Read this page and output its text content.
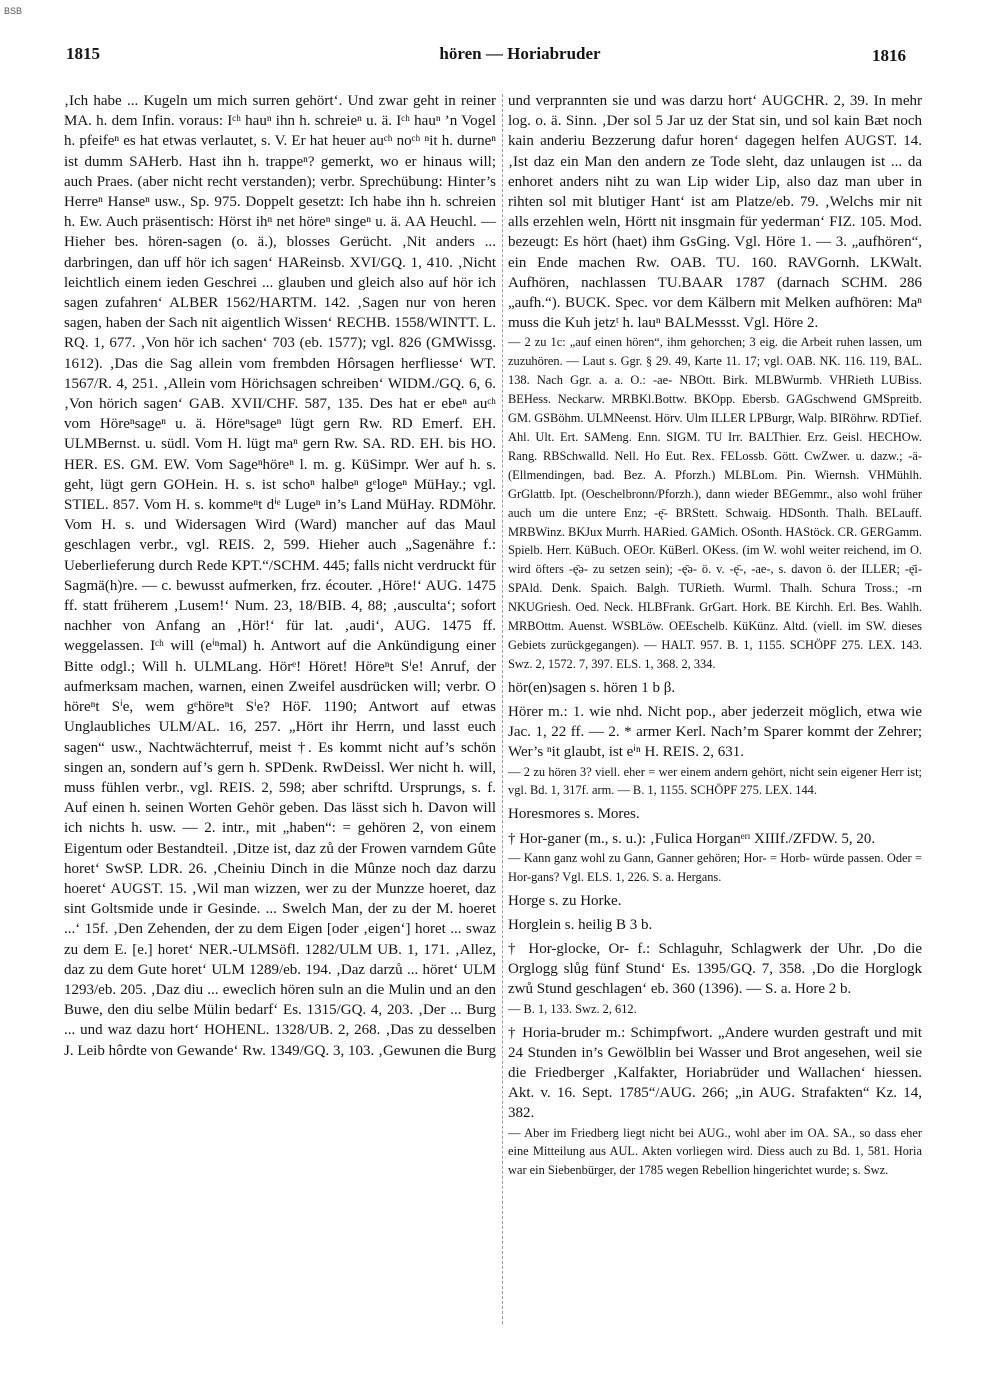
BSB
1815	hören — Horiabruder	1816

‚Ich habe ... Kugeln um mich surren gehört‘. Und zwar geht in reiner MA. h. dem Infin. voraus: Iᶜʰ hauⁿ ihn h. schreieⁿ u. ä. Iᶜʰ hauⁿ ’n Vogel h. pfeifeⁿ es hat etwas verlautet, s. V. Er hat heuer auᶜʰ noᶜʰ ⁿit h. durneⁿ ist dumm SAHerb. Hast ihn h. trappeⁿ? gemerkt, wo er hinaus will; auch Praes. (aber nicht recht verstanden); verbr. Sprechübung: Hinter’s Herreⁿ Hanseⁿ usw., Sp. 975. Doppelt gesetzt: Ich habe ihn h. schreien h. Ew. Auch präsentisch: Hörst ihⁿ net höreⁿ singeⁿ u. ä. AA Heuchl. — Hieher bes. hören-sagen (o. ä.), blosses Gerücht. ‚Nit anders ... darbringen, dan uff hör ich sagen‘ HAReinsb. XVI/GQ. 1, 410. ‚Nicht leichtlich einem ieden Geschrei ... glauben und gleich also auf hör ich sagen zufahren‘ ALBER 1562/HARTM. 142. ‚Sagen nur von heren sagen, haben der Sach nit aigentlich Wissen‘ RECHB. 1558/WINTT. L. RQ. 1, 677. ‚Von hör ich sachen‘ 703 (eb. 1577); vgl. 826 (GMWissg. 1612). ‚Das die Sag allein vom frembden Hôrsagen herfliesse‘ WT. 1567/R. 4, 251. ‚Allein vom Hörichsagen schreiben‘ WIDM./GQ. 6, 6. ‚Von hörich sagen‘ GAB. XVII/CHF. 587, 135. Des hat er ebeⁿ auᶜʰ vom Höreⁿsageⁿ u. ä. Höreⁿsageⁿ lügt gern Rw. RD Emerf. EH. ULMBernst. u. südl. Vom H. lügt maⁿ gern Rw. SA. RD. EH. bis HO. HER. ES. GM. EW. Vom Sageⁿhöreⁿ l. m. g. KüSimpr. Wer auf h. s. geht, lügt gern GOHein. H. s. ist schoⁿ halbeⁿ gᵉlogeⁿ MüHay.; vgl. STIEL. 857. Vom H. s. kommeⁿt dⁱᵉ Lugeⁿ in’s Land MüHay. RDMöhr. Vom H. s. und Widersagen Wird (Ward) mancher auf das Maul geschlagen verbr., vgl. REIS. 2, 599. Hieher auch „Sagenähre f.: Ueberlieferung durch Rede KPT.“/SCHM. 445; falls nicht verdruckt für Sagmä(h)re. — c. bewusst aufmerken, frz. écouter. ‚Höre!‘ AUG. 1475 ff. statt früherem ‚Lusem!‘ Num. 23, 18/BIB. 4, 88; ‚auscultaʻ; sofort nachher von Anfang an ‚Hör!‘ für lat. ‚audi‘, AUG. 1475 ff. weggelassen. Iᶜʰ will (eⁱⁿmal) h. Antwort auf die Ankündigung einer Bitte odgl.; Will h. ULMLang. Hörᵉ! Höret! Höreⁿt Sⁱe! Anruf, der aufmerksam machen, warnen, einen Zweifel ausdrücken will; verbr. O höreⁿt Sⁱe, wem gᵉhöreⁿt Sⁱe? HöF. 1190; Antwort auf etwas Unglaubliches ULM/AL. 16, 257. „Hört ihr Herrn, und lasst euch sagen“ usw., Nachtwächterruf, meist †. Es kommt nicht auf’s schön singen an, sondern auf’s gern h. SPDenk. RwDeissl. Wer nicht h. will, muss fühlen verbr., vgl. REIS. 2, 598; aber schriftd. Ursprungs, s. f. Auf einen h. seinen Worten Gehör geben. Das lässt sich h. Davon will ich nichts h. usw. — 2. intr., mit „haben“: = gehören 2, von einem Eigentum oder Bestandteil. ‚Ditze ist, daz zů der Frowen varndem Gûte horet‘ SwSP. LDR. 26. ‚Cheiniu Dinch in die Mûnze noch daz darzu hoeret‘ AUGST. 15. ‚Wil man wizzen, wer zu der Munzze hoeret, daz sint Goltsmide unde ir Gesinde. ... Swelch Man, der zu der M. hoeret ...‘ 15f. ‚Den Zehenden, der zu dem Eigen [oder ‚eigen‘] horet ... swaz zu dem E. [e.] horet‘ NER.-ULMSöfl. 1282/ULM UB. 1, 171. ‚Allez, daz zu dem Gute horet‘ ULM 1289/eb. 194. ‚Daz darzů ... höret‘ ULM 1293/eb. 205. ‚Daz diu ... eweclich hören suln an die Mulin und an den Buwe, den diu selbe Mülin bedarf‘ Es. 1315/GQ. 4, 203. ‚Der ... Burg ... und waz dazu hort‘ HOHENL. 1328/UB. 2, 268. ‚Das zu desselben J. Leib hôrdte von Gewande‘ Rw. 1349/GQ. 3, 103. ‚Gewunen die Burg

und verprannten sie und was darzu hort‘ AUGCHR. 2, 39. In mehr log. o. ä. Sinn. ‚Der sol 5 Jar uz der Stat sin, und sol kain Bæt noch kain anderiu Bezzerung dafur horen‘ dagegen helfen AUGST. 14. ‚Ist daz ein Man den andern ze Tode sleht, daz unlaugen ist ... da enhoret anders niht zu wan Lip wider Lip, also daz man uber in rihten sol mit blutiger Hant‘ ist am Platze/eb. 79. ‚Welchs mir nit alls erzehlen weln, Hörtt nit insgmain für yederman‘ FIZ. 105. Mod. bezeugt: Es hört (haet) ihm GsGing. Vgl. Höre 1. — 3. „aufhören“, ein Ende machen Rw. OAB. TU. 160. RAVGornh. LKWalt. Aufhören, nachlassen TU.BAAR 1787 (darnach SCHM. 286 „aufh.“). BUCK. Spec. vor dem Kälbern mit Melken aufhören: Maⁿ muss die Kuh jetzᵗ h. lauⁿ BALMessst. Vgl. Höre 2.

— 2 zu 1c: „auf einen hören“, ihm gehorchen; 3 eig. die Arbeit ruhen lassen, um zuzuhören. — Laut s. Ggr. § 29. 49, Karte 11. 17; vgl. OAB. NK. 116. 119, BAL. 138. Nach Ggr. a. a. O.: -ae- NBOtt. Birk. MLBWurmb. VHRieth LUBiss. BEHess. Neckarw. MRBKl.Bottw. BKOpp. Ebersb. GAGschwend GMSpreitb. GM. GSBöhm. ULMNeenst. Hörv. Ulm ILLER LPBurgr, Walp. BIRöhrw. RDTief. Ahl. Ult. Ert. SAMeng. Enn. SIGM. TU Irr. BALThier. Erz. Geisl. HECHOw. Rang. RBSchwalld. Nell. Ho Eut. Rex. FELossb. Gött. CwZwer. u. dazw.; -ä- (Ellmendingen, bad. Bez. A. Pforzh.) MLBLom. Pin. Wiernsh. VHMühlh. GrGlattb. Ipt. (Oeschelbronn/Pforzh.), dann wieder BEGemmr., also wohl früher auch um die untere Enz; -ę̄- BRStett. Schwaig. HDSonth. Thalh. BELauff. MRBWinz. BKJux Murrh. HARied. GAMich. OSonth. HAStöck. CR. GERGamm. Spielb. Herr. KüBuch. OEOr. KüBerl. OKess. (im W. wohl weiter reichend, im O. wird öfters -ę̄ə- zu setzen sein); -ę̄ə- ö. v. -ę̄-, -ae-, s. davon ö. der ILLER; -ę̄i- SPAld. Denk. Spaich. Balgh. TURieth. Wurml. Thalh. Schura Tross.; -rn NKUGriesh. Oed. Neck. HLBFrank. GrGart. Hork. BE Kirchh. Erl. Bes. Wahlh. MRBOttm. Auenst. WSBLöw. OEEschelb. KüKünz. Altd. (viell. im SW. dieses Gebiets zurückgegangen). — HALT. 957. B. 1, 1155. SCHÖPF 275. LEX. 143. Swz. 2, 1572. 7, 397. ELS. 1, 368. 2, 334.

hör(en)sagen s. hören 1 b β.

Hörer m.: 1. wie nhd. Nicht pop., aber jederzeit möglich, etwa wie Jac. 1, 22 ff. — 2. * armer Kerl. Nach’m Sparer kommt der Zehrer; Wer’s ⁿit glaubt, ist eⁱⁿ H. REIS. 2, 631.

— 2 zu hören 3? viell. eher = wer einem andern gehört, nicht sein eigener Herr ist; vgl. Bd. 1, 317f. arm. — B. 1, 1155. SCHÖPF 275. LEX. 144.

Horesmores s. Mores.

† Hor-ganer (m., s. u.): ‚Fulica Horganᵉʳᶦ XIIIf./ZFDW. 5, 20.

— Kann ganz wohl zu Gann, Ganner gehören; Hor- = Horb- würde passen. Oder = Hor-gans? Vgl. ELS. 1, 226. S. a. Hergans.

Horge s. zu Horke.

Horglein s. heilig B 3 b.

† Hor-glocke, Or- f.: Schlaguhr, Schlagwerk der Uhr. ‚Do die Orglogg slůg fünf Stund‘ Es. 1395/GQ. 7, 358. ‚Do die Horglogk zwů Stund geschlagen‘ eb. 360 (1396). — S. a. Hore 2 b.

— B. 1, 133. Swz. 2, 612.

† Horia-bruder m.: Schimpfwort. „Andere wurden gestraft und mit 24 Stunden in’s Gewölblin bei Wasser und Brot angesehen, weil sie die Friedberger ‚Kalfakter, Horiabrüder und Wallachen‘ hiessen. Akt. v. 16. Sept. 1785“/AUG. 266; „in AUG. Strafakten“ Kz. 14, 382.

— Aber im Friedberg liegt nicht bei AUG., wohl aber im OA. SA., so dass eher eine Mitteilung aus AUL. Akten vorliegen wird. Diess auch zu Bd. 1, 581. Horia war ein Siebenbürger, der 1785 wegen Rebellion hingerichtet wurde; s. Swz.
